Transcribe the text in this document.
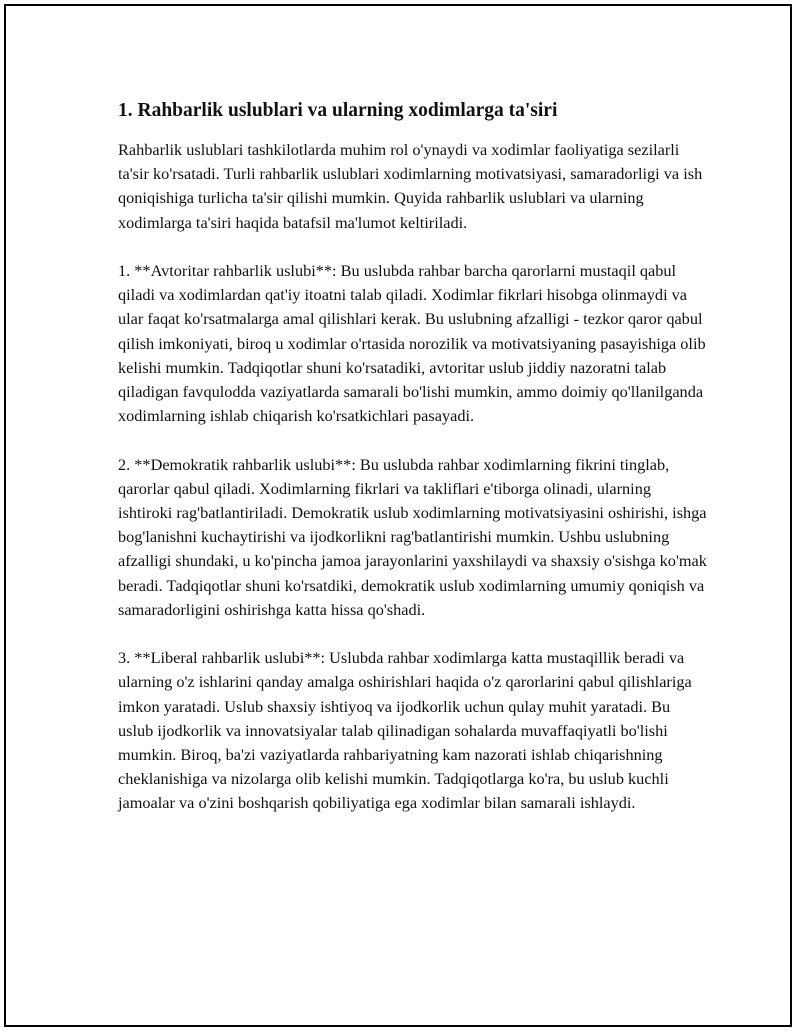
1. Rahbarlik uslublari va ularning xodimlarga ta'siri

Rahbarlik uslublari tashkilotlarda muhim rol o'ynaydi va xodimlar faoliyatiga sezilarli ta'sir ko'rsatadi. Turli rahbarlik uslublari xodimlarning motivatsiyasi, samaradorligi va ish qoniqishiga turlicha ta'sir qilishi mumkin. Quyida rahbarlik uslublari va ularning xodimlarga ta'siri haqida batafsil ma'lumot keltiriladi.

1. **Avtoritar rahbarlik uslubi**: Bu uslubda rahbar barcha qarorlarni mustaqil qabul qiladi va xodimlardan qat'iy itoatni talab qiladi. Xodimlar fikrlari hisobga olinmaydi va ular faqat ko'rsatmalarga amal qilishlari kerak. Bu uslubning afzalligi - tezkor qaror qabul qilish imkoniyati, biroq u xodimlar o'rtasida norozilik va motivatsiyaning pasayishiga olib kelishi mumkin. Tadqiqotlar shuni ko'rsatadiki, avtoritar uslub jiddiy nazoratni talab qiladigan favqulodda vaziyatlarda samarali bo'lishi mumkin, ammo doimiy qo'llanilganda xodimlarning ishlab chiqarish ko'rsatkichlari pasayadi.

2. **Demokratik rahbarlik uslubi**: Bu uslubda rahbar xodimlarning fikrini tinglab, qarorlar qabul qiladi. Xodimlarning fikrlari va takliflari e'tiborga olinadi, ularning ishtiroki rag'batlantiriladi. Demokratik uslub xodimlarning motivatsiyasini oshirishi, ishga bog'lanishni kuchaytirishi va ijodkorlikni rag'batlantirishi mumkin. Ushbu uslubning afzalligi shundaki, u ko'pincha jamoa jarayonlarini yaxshilaydi va shaxsiy o'sishga ko'mak beradi. Tadqiqotlar shuni ko'rsatdiki, demokratik uslub xodimlarning umumiy qoniqish va samaradorligini oshirishga katta hissa qo'shadi.

3. **Liberal rahbarlik uslubi**: Uslubda rahbar xodimlarga katta mustaqillik beradi va ularning o'z ishlarini qanday amalga oshirishlari haqida o'z qarorlarini qabul qilishlariga imkon yaratadi. Uslub shaxsiy ishtiyoq va ijodkorlik uchun qulay muhit yaratadi. Bu uslub ijodkorlik va innovatsiyalar talab qilinadigan sohalarda muvaffaqiyatli bo'lishi mumkin. Biroq, ba'zi vaziyatlarda rahbariyatning kam nazorati ishlab chiqarishning cheklanishiga va nizolarga olib kelishi mumkin. Tadqiqotlarga ko'ra, bu uslub kuchli jamoalar va o'zini boshqarish qobiliyatiga ega xodimlar bilan samarali ishlaydi.
